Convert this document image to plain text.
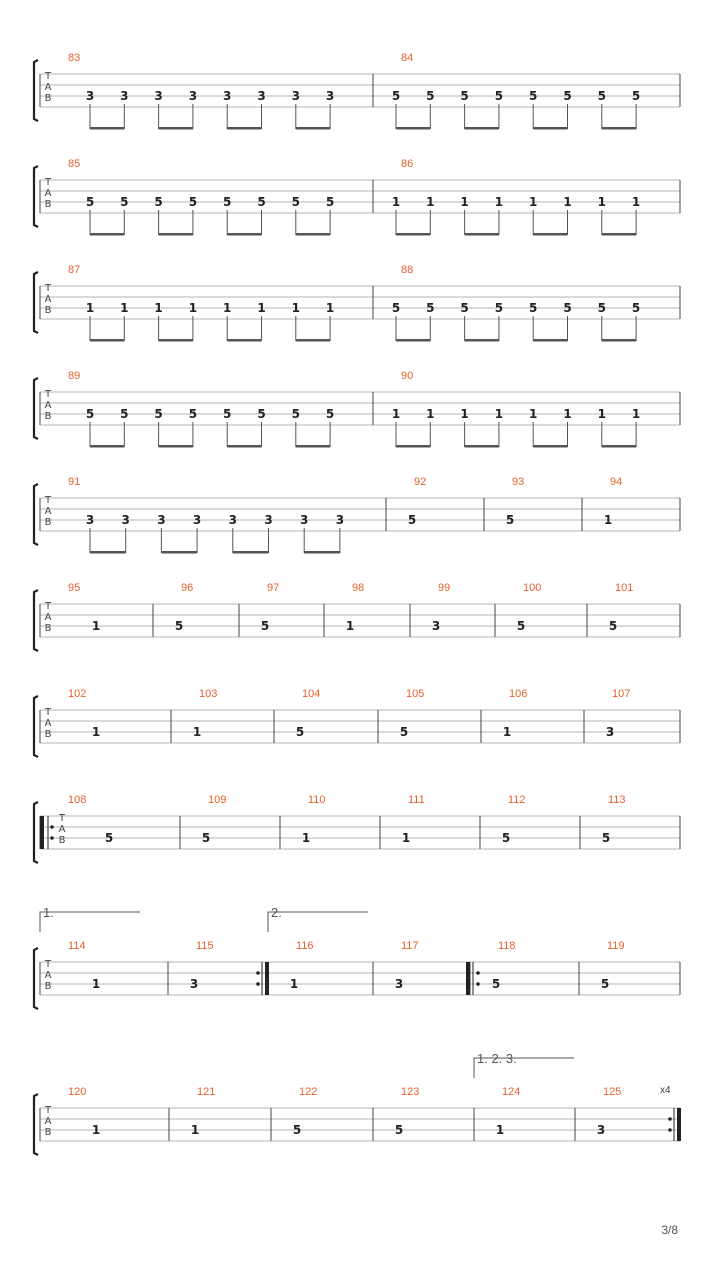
T
A
B
83
3 3 3 3 3 3 3 3
84
5 5 5 5 5 5 5 5
T
A
B
85
5 5 5 5 5 5 5 5
86
1 1 1 1 1 1 1 1
T
A
B
87
1 1 1 1 1 1 1 1
88
5 5 5 5 5 5 5 5
T
A
B
89
5 5 5 5 5 5 5 5
90
1 1 1 1 1 1 1 1
T
A
B
91
3 3 3 3 3 3 3 3
92
5
93
5
94
1
T
A
B
95
1
96
5
97
5
98
1
99
3
100
5
101
5
T
A
B
102
1
103
1
104
5
105
5
106
1
107
3
T
A
B
108
5
109
5
110
1
111
1
112
5
113
5
T
A
B
114
1.
1
115
3
116
2.
1
117
3
118
5
119
5
T
A
B
120
1
121
1
122
5
123
5
124
1. 2. 3.
1
125	x4
3
3/8
